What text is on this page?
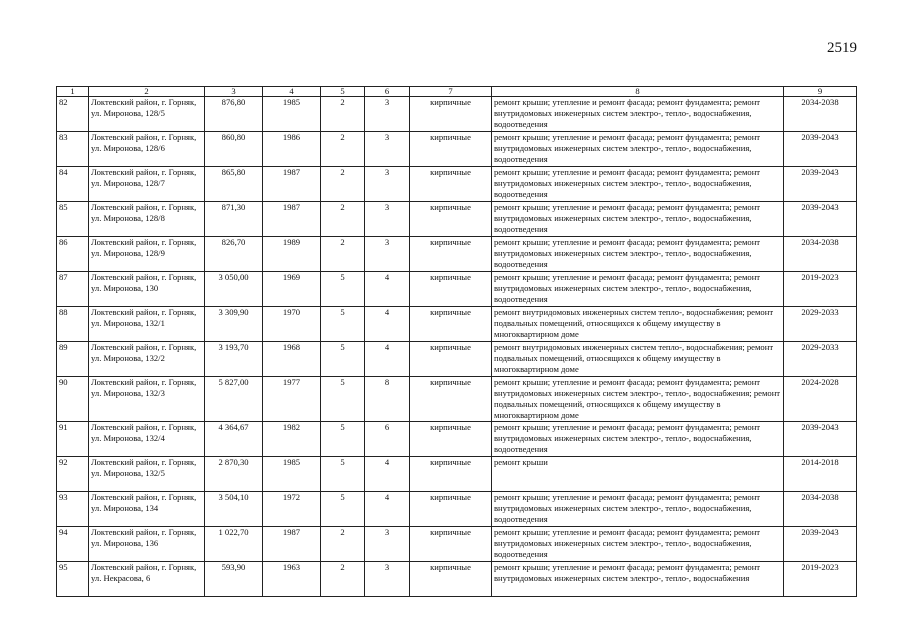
2519
1	2	3	4	5	6	7	8	9
82	Локтевский район, г. Горняк, ул. Миронова, 128/5	876,80	1985	2	3	кирпичные	ремонт крыши; утепление и ремонт фасада; ремонт фундамента; ремонт внутридомовых инженерных систем электро-, тепло-, водоснабжения, водоотведения	2034-2038
83	Локтевский район, г. Горняк, ул. Миронова, 128/6	860,80	1986	2	3	кирпичные	ремонт крыши; утепление и ремонт фасада; ремонт фундамента; ремонт внутридомовых инженерных систем электро-, тепло-, водоснабжения, водоотведения	2039-2043
84	Локтевский район, г. Горняк, ул. Миронова, 128/7	865,80	1987	2	3	кирпичные	ремонт крыши; утепление и ремонт фасада; ремонт фундамента; ремонт внутридомовых инженерных систем электро-, тепло-, водоснабжения, водоотведения	2039-2043
85	Локтевский район, г. Горняк, ул. Миронова, 128/8	871,30	1987	2	3	кирпичные	ремонт крыши; утепление и ремонт фасада; ремонт фундамента; ремонт внутридомовых инженерных систем электро-, тепло-, водоснабжения, водоотведения	2039-2043
86	Локтевский район, г. Горняк, ул. Миронова, 128/9	826,70	1989	2	3	кирпичные	ремонт крыши; утепление и ремонт фасада; ремонт фундамента; ремонт внутридомовых инженерных систем электро-, тепло-, водоснабжения, водоотведения	2034-2038
87	Локтевский район, г. Горняк, ул. Миронова, 130	3 050,00	1969	5	4	кирпичные	ремонт крыши; утепление и ремонт фасада; ремонт фундамента; ремонт внутридомовых инженерных систем электро-, тепло-, водоснабжения, водоотведения	2019-2023
88	Локтевский район, г. Горняк, ул. Миронова, 132/1	3 309,90	1970	5	4	кирпичные	ремонт внутридомовых инженерных систем тепло-, водоснабжения; ремонт подвальных помещений, относящихся к общему имуществу в многоквартирном доме	2029-2033
89	Локтевский район, г. Горняк, ул. Миронова, 132/2	3 193,70	1968	5	4	кирпичные	ремонт внутридомовых инженерных систем тепло-, водоснабжения; ремонт подвальных помещений, относящихся к общему имуществу в многоквартирном доме	2029-2033
90	Локтевский район, г. Горняк, ул. Миронова, 132/3	5 827,00	1977	5	8	кирпичные	ремонт крыши; утепление и ремонт фасада; ремонт фундамента; ремонт внутридомовых инженерных систем электро-, тепло-, водоснабжения; ремонт подвальных помещений, относящихся к общему имуществу в многоквартирном доме	2024-2028
91	Локтевский район, г. Горняк, ул. Миронова, 132/4	4 364,67	1982	5	6	кирпичные	ремонт крыши; утепление и ремонт фасада; ремонт фундамента; ремонт внутридомовых инженерных систем электро-, тепло-, водоснабжения, водоотведения	2039-2043
92	Локтевский район, г. Горняк, ул. Миронова, 132/5	2 870,30	1985	5	4	кирпичные	ремонт крыши	2014-2018
93	Локтевский район, г. Горняк, ул. Миронова, 134	3 504,10	1972	5	4	кирпичные	ремонт крыши; утепление и ремонт фасада; ремонт фундамента; ремонт внутридомовых инженерных систем электро-, тепло-, водоснабжения, водоотведения	2034-2038
94	Локтевский район, г. Горняк, ул. Миронова, 136	1 022,70	1987	2	3	кирпичные	ремонт крыши; утепление и ремонт фасада; ремонт фундамента; ремонт внутридомовых инженерных систем электро-, тепло-, водоснабжения, водоотведения	2039-2043
95	Локтевский район, г. Горняк, ул. Некрасова, 6	593,90	1963	2	3	кирпичные	ремонт крыши; утепление и ремонт фасада; ремонт фундамента; ремонт внутридомовых инженерных систем электро-, тепло-, водоснабжения	2019-2023
